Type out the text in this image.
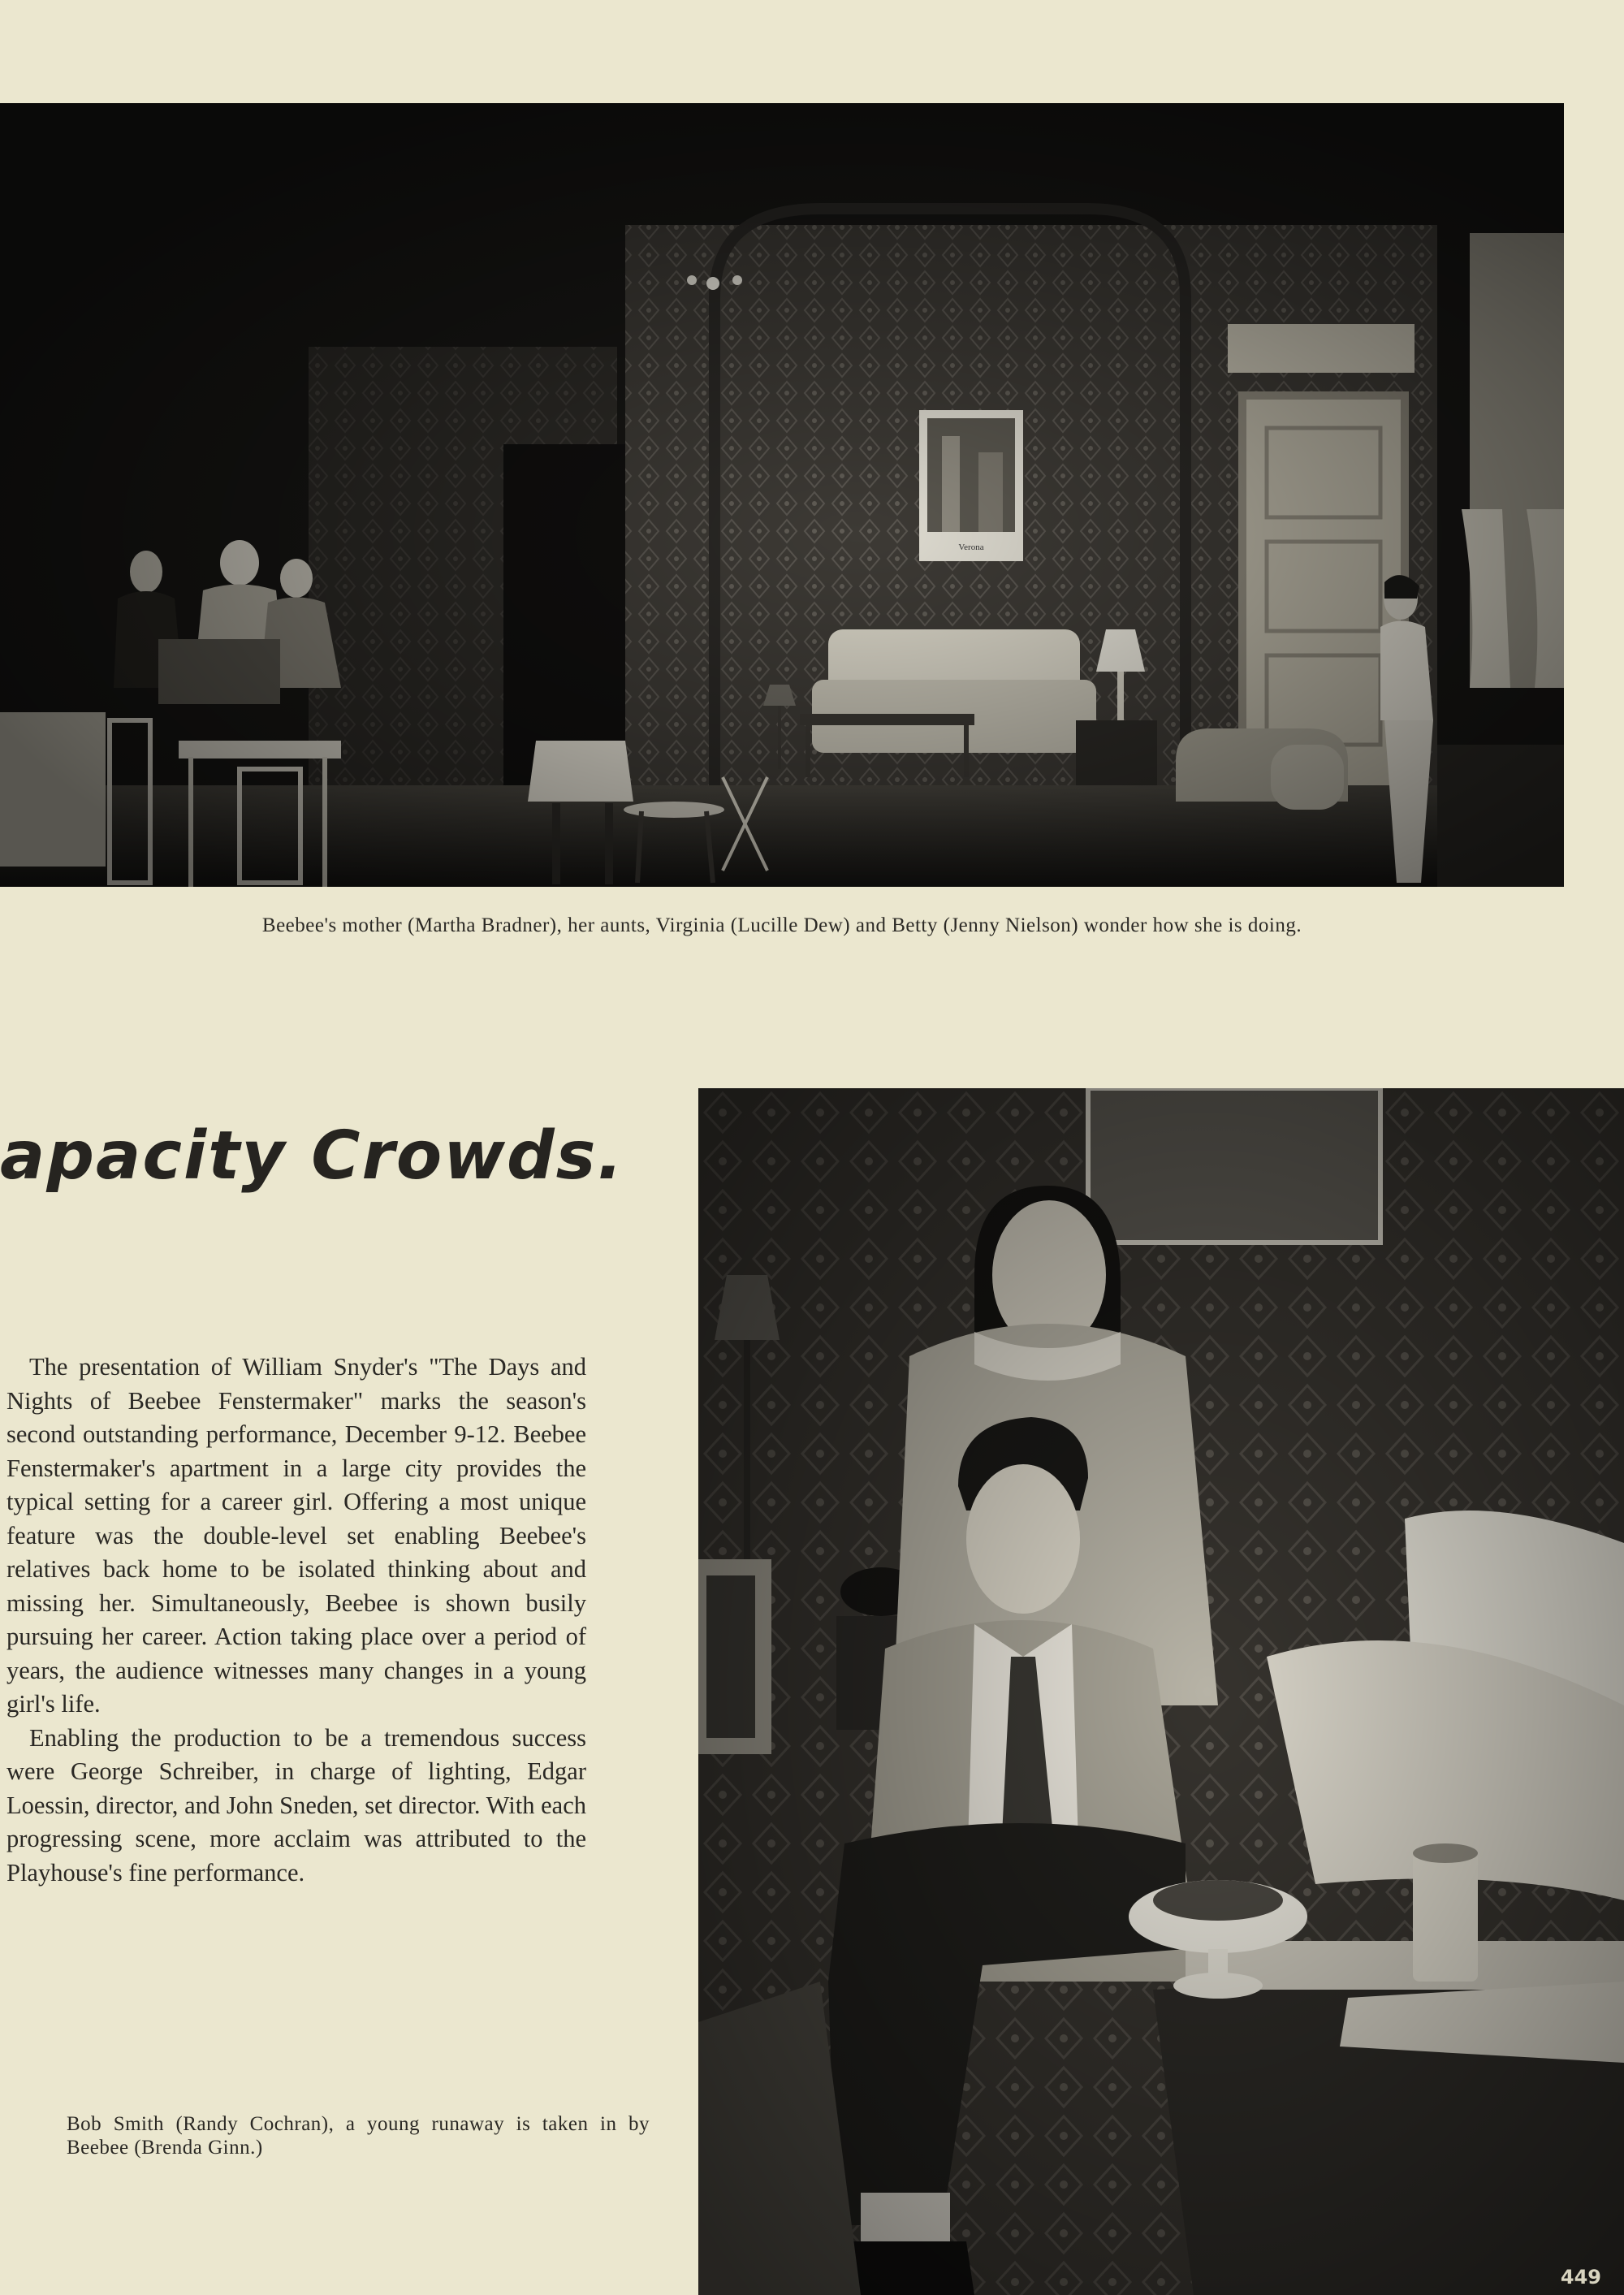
Beebee's mother (Martha Bradner), her aunts, Virginia (Lucille Dew) and Betty (Jenny Nielson) wonder how she is doing.
apacity Crowds.

The presentation of William Snyder's "The Days and Nights of Beebee Fenstermaker" marks the season's second outstanding performance, December 9-12. Beebee Fenstermaker's apartment in a large city provides the typical setting for a career girl. Offering a most unique feature was the double-level set enabling Beebee's relatives back home to be isolated thinking about and missing her. Simultaneously, Beebee is shown busily pursuing her career. Action taking place over a period of years, the audience witnesses many changes in a young girl's life.

Enabling the production to be a tremendous success were George Schreiber, in charge of lighting, Edgar Loessin, director, and John Sneden, set director. With each progressing scene, more acclaim was attributed to the Playhouse's fine performance.

Bob Smith (Randy Cochran), a young runaway is taken in by Beebee (Brenda Ginn.)
449
